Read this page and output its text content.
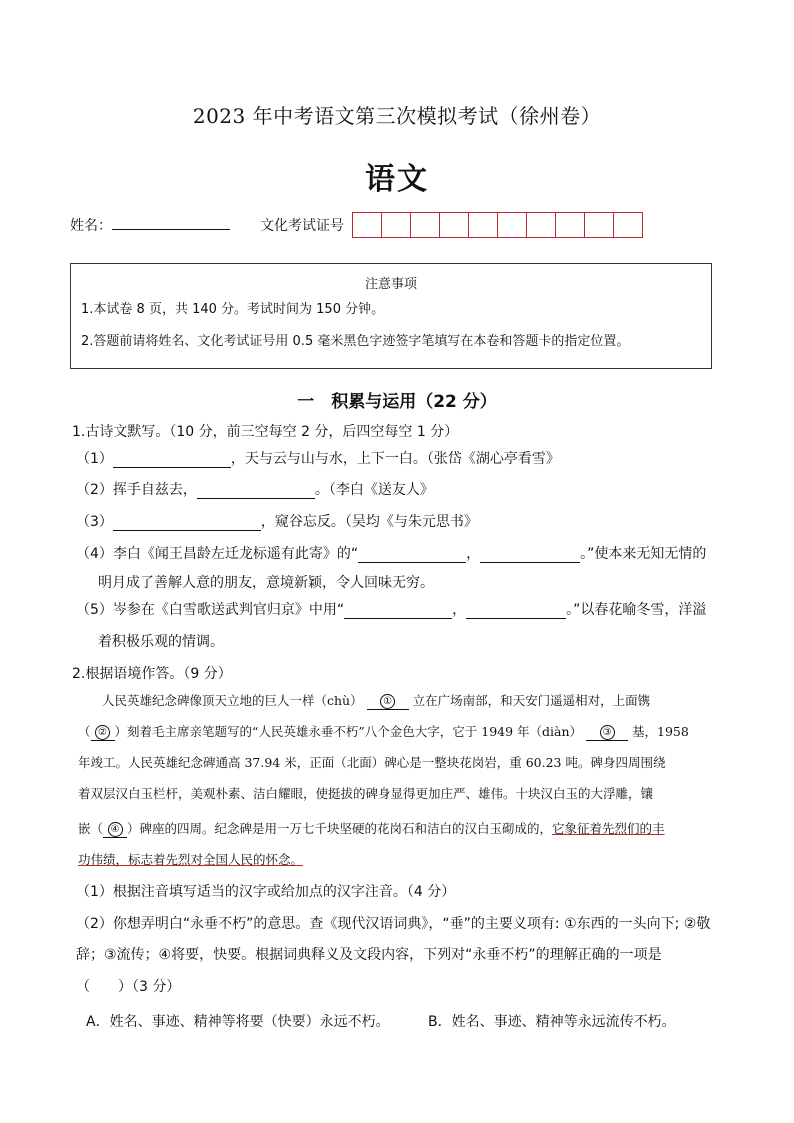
2023 年中考语文第三次模拟考试（徐州卷）
语文
姓名：	文化考试证号
注意事项
1.本试卷 8 页，共 140 分。考试时间为 150 分钟。
2.答题前请将姓名、文化考试证号用 0.5 毫米黑色字迹签字笔填写在本卷和答题卡的指定位置。
一　积累与运用（22 分）
1.古诗文默写。（10 分，前三空每空 2 分，后四空每空 1 分）
（1）	，天与云与山与水，上下一白。（张岱《湖心亭看雪》
（2）挥手自兹去，	。（李白《送友人》
（3）	，窥谷忘反。（吴均《与朱元思书》
（4）李白《闻王昌龄左迁龙标遥有此寄》的“	，	。”使本来无知无情的
明月成了善解人意的朋友，意境新颖，令人回味无穷。
（5）岑参在《白雪歌送武判官归京》中用“	，	。”以春花喻冬雪，洋溢
着积极乐观的情调。
2.根据语境作答。（9 分）
人民英雄纪念碑像顶天立地的巨人一样（chù） ① 立在广场南部，和天安门遥遥相对，上面镌
（ ② ）刻着毛主席亲笔题写的“人民英雄永垂不朽”八个金色大字，它于 1949 年（diàn） ③ 基，1958
年竣工。人民英雄纪念碑通高 37.94 米，正面（北面）碑心是一整块花岗岩，重 60.23 吨。碑身四周围绕
着双层汉白玉栏杆，美观朴素、洁白耀眼，使挺拔的碑身显得更加庄严、雄伟。十块汉白玉的大浮雕，镶
嵌（ ④ ）碑座的四周。纪念碑是用一万七千块坚硬的花岗石和洁白的汉白玉砌成的，它象征着先烈们的丰
功伟绩，标志着先烈对全国人民的怀念。
（1）根据注音填写适当的汉字或给加点的汉字注音。（4 分）
（2）你想弄明白“永垂不朽”的意思。查《现代汉语词典》，“垂”的主要义项有: ①东西的一头向下; ②敬
辞；③流传；④将要，快要。根据词典释义及文段内容，下列对“永垂不朽”的理解正确的一项是
（　　）（3 分）
A．姓名、事迹、精神等将要（快要）永远不朽。	B．姓名、事迹、精神等永远流传不朽。
